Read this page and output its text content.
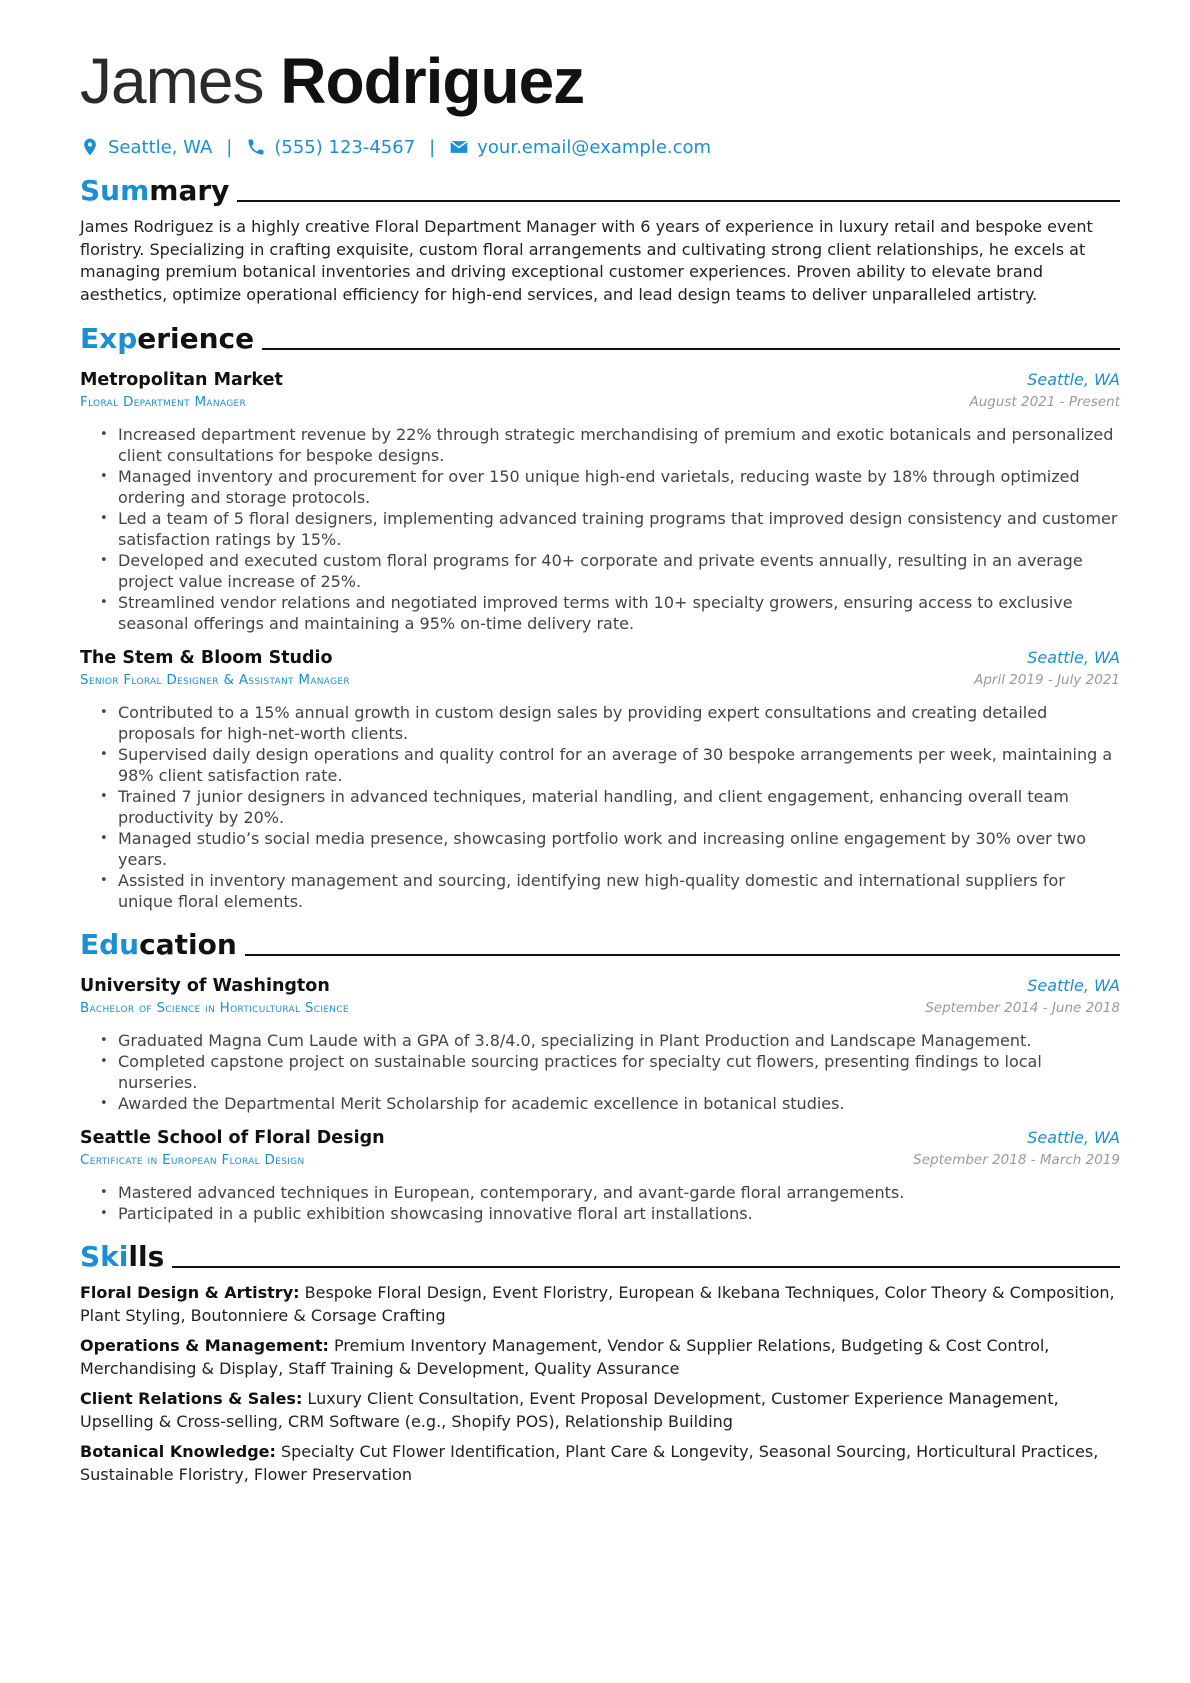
James Rodriguez
Seattle, WA | (555) 123-4567 | your.email@example.com
Summary

James Rodriguez is a highly creative Floral Department Manager with 6 years of experience in luxury retail and bespoke event floristry. Specializing in crafting exquisite, custom floral arrangements and cultivating strong client relationships, he excels at managing premium botanical inventories and driving exceptional customer experiences. Proven ability to elevate brand aesthetics, optimize operational efficiency for high-end services, and lead design teams to deliver unparalleled artistry.

Experience
Metropolitan Market	Seattle, WA
Floral Department Manager	August 2021 - Present
• Increased department revenue by 22% through strategic merchandising of premium and exotic botanicals and personalized client consultations for bespoke designs.
• Managed inventory and procurement for over 150 unique high-end varietals, reducing waste by 18% through optimized ordering and storage protocols.
• Led a team of 5 floral designers, implementing advanced training programs that improved design consistency and customer satisfaction ratings by 15%.
• Developed and executed custom floral programs for 40+ corporate and private events annually, resulting in an average project value increase of 25%.
• Streamlined vendor relations and negotiated improved terms with 10+ specialty growers, ensuring access to exclusive seasonal offerings and maintaining a 95% on-time delivery rate.
The Stem & Bloom Studio	Seattle, WA
Senior Floral Designer & Assistant Manager	April 2019 - July 2021
• Contributed to a 15% annual growth in custom design sales by providing expert consultations and creating detailed proposals for high-net-worth clients.
• Supervised daily design operations and quality control for an average of 30 bespoke arrangements per week, maintaining a 98% client satisfaction rate.
• Trained 7 junior designers in advanced techniques, material handling, and client engagement, enhancing overall team productivity by 20%.
• Managed studio’s social media presence, showcasing portfolio work and increasing online engagement by 30% over two years.
• Assisted in inventory management and sourcing, identifying new high-quality domestic and international suppliers for unique floral elements.
Education
University of Washington	Seattle, WA
Bachelor of Science in Horticultural Science	September 2014 - June 2018
• Graduated Magna Cum Laude with a GPA of 3.8/4.0, specializing in Plant Production and Landscape Management.
• Completed capstone project on sustainable sourcing practices for specialty cut flowers, presenting findings to local nurseries.
• Awarded the Departmental Merit Scholarship for academic excellence in botanical studies.
Seattle School of Floral Design	Seattle, WA
Certificate in European Floral Design	September 2018 - March 2019
• Mastered advanced techniques in European, contemporary, and avant-garde floral arrangements.
• Participated in a public exhibition showcasing innovative floral art installations.
Skills

Floral Design & Artistry: Bespoke Floral Design, Event Floristry, European & Ikebana Techniques, Color Theory & Composition, Plant Styling, Boutonniere & Corsage Crafting

Operations & Management: Premium Inventory Management, Vendor & Supplier Relations, Budgeting & Cost Control, Merchandising & Display, Staff Training & Development, Quality Assurance

Client Relations & Sales: Luxury Client Consultation, Event Proposal Development, Customer Experience Management, Upselling & Cross-selling, CRM Software (e.g., Shopify POS), Relationship Building

Botanical Knowledge: Specialty Cut Flower Identification, Plant Care & Longevity, Seasonal Sourcing, Horticultural Practices, Sustainable Floristry, Flower Preservation
